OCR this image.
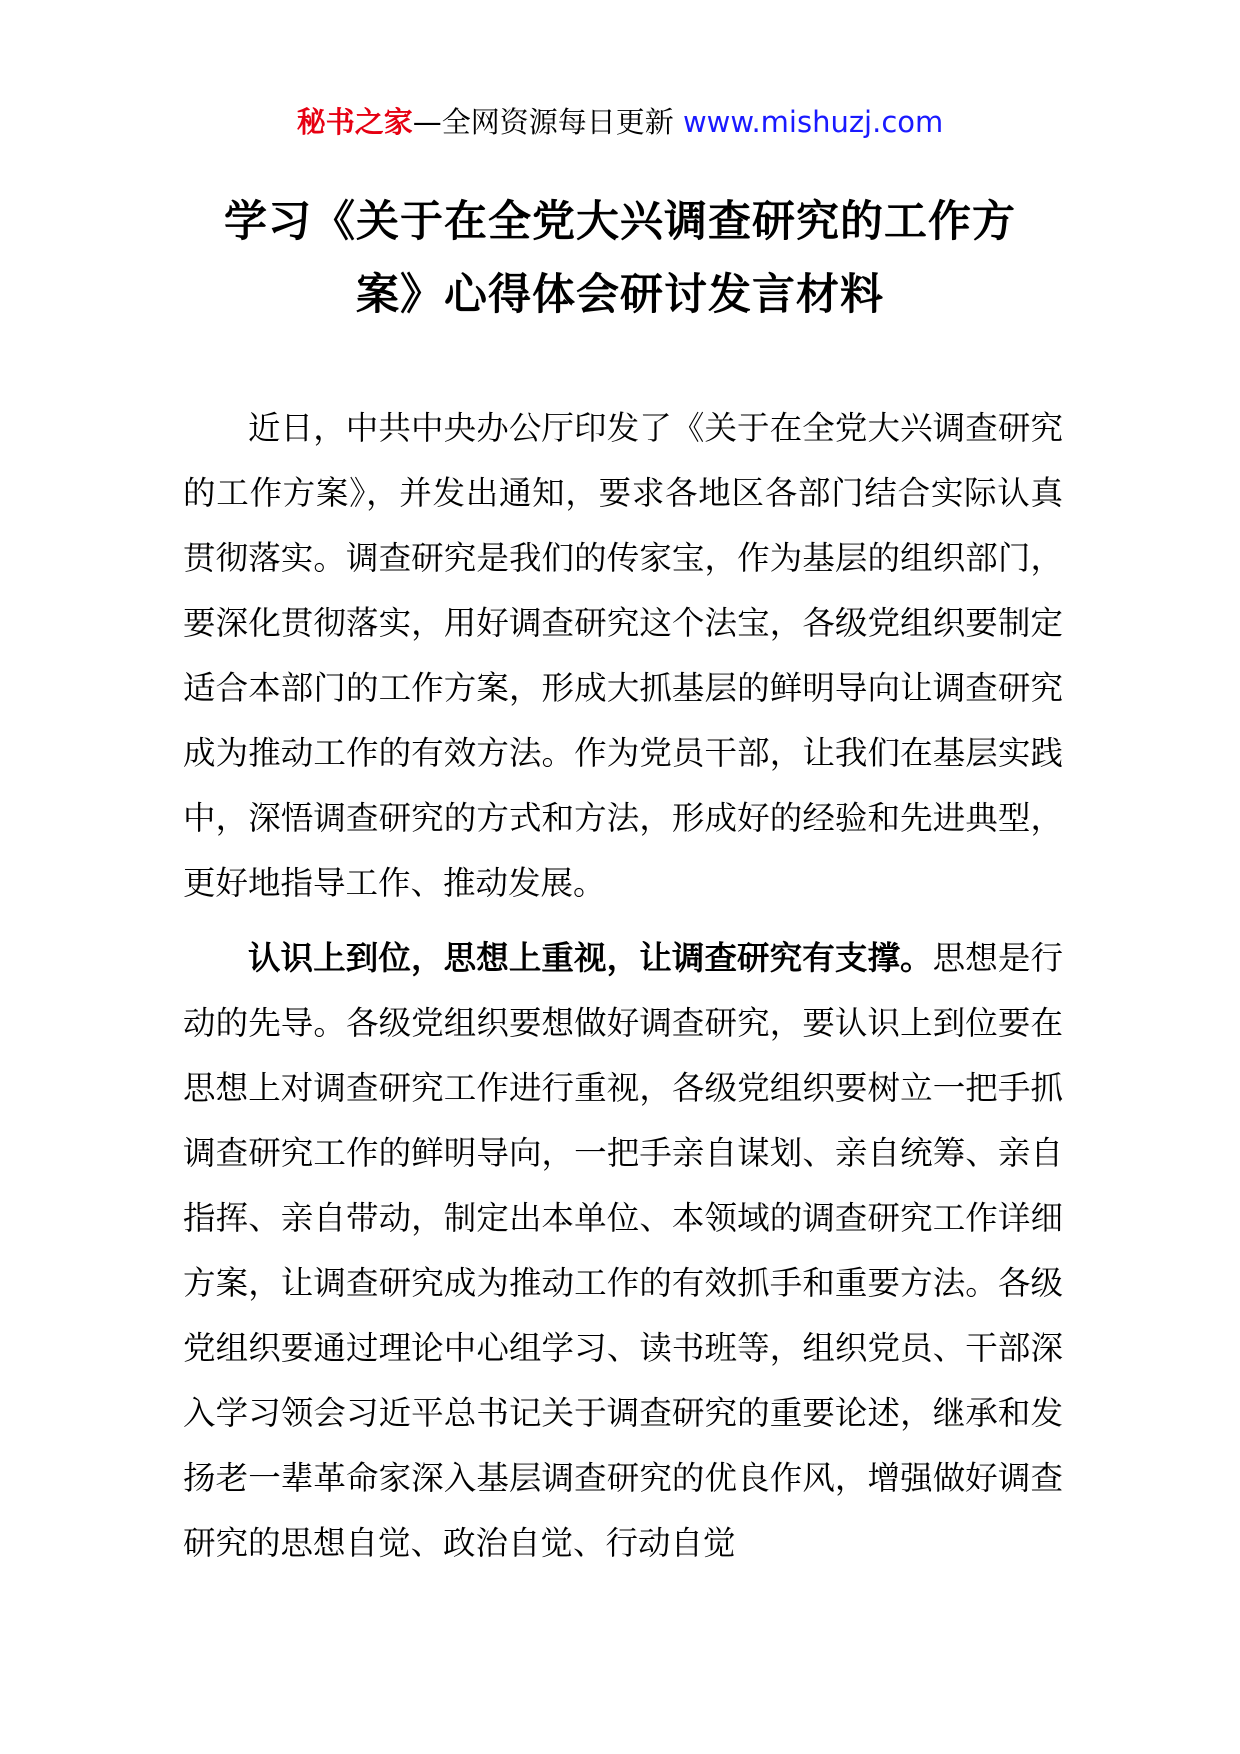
秘书之家—全网资源每日更新 www.mishuzj.com
学习《关于在全党大兴调查研究的工作方
案》心得体会研讨发言材料

近日，中共中央办公厅印发了《关于在全党大兴调查研究的工作方案》，并发出通知，要求各地区各部门结合实际认真贯彻落实。调查研究是我们的传家宝，作为基层的组织部门，要深化贯彻落实，用好调查研究这个法宝，各级党组织要制定适合本部门的工作方案，形成大抓基层的鲜明导向让调查研究成为推动工作的有效方法。作为党员干部，让我们在基层实践中，深悟调查研究的方式和方法，形成好的经验和先进典型，更好地指导工作、推动发展。

认识上到位，思想上重视，让调查研究有支撑。思想是行动的先导。各级党组织要想做好调查研究，要认识上到位要在思想上对调查研究工作进行重视，各级党组织要树立一把手抓调查研究工作的鲜明导向，一把手亲自谋划、亲自统筹、亲自指挥、亲自带动，制定出本单位、本领域的调查研究工作详细方案，让调查研究成为推动工作的有效抓手和重要方法。各级党组织要通过理论中心组学习、读书班等，组织党员、干部深入学习领会习近平总书记关于调查研究的重要论述，继承和发扬老一辈革命家深入基层调查研究的优良作风，增强做好调查研究的思想自觉、政治自觉、行动自觉
